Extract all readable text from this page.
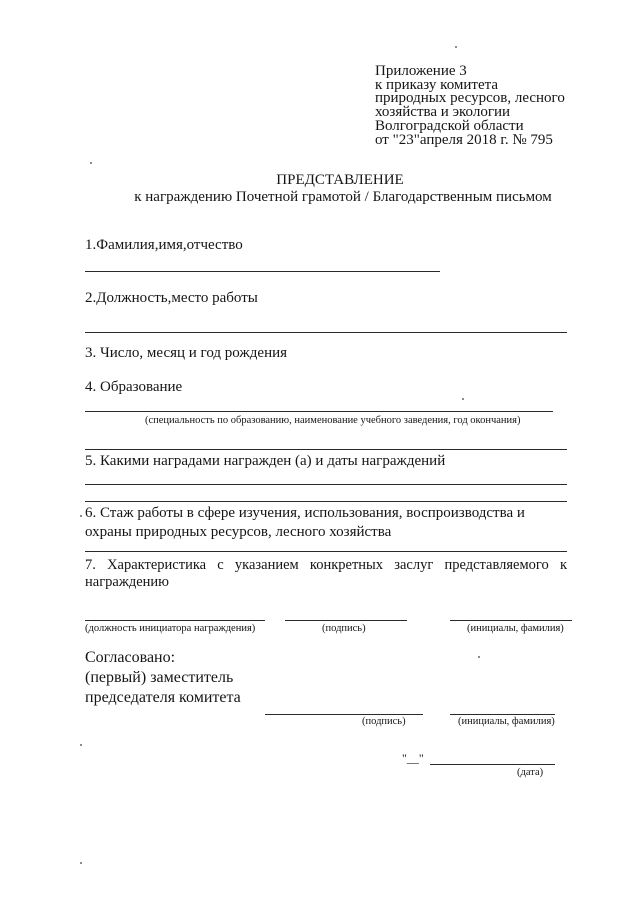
Приложение 3
к приказу комитета
природных ресурсов, лесного
хозяйства и экологии
Волгоградской области
от "23"апреля 2018 г. № 795
ПРЕДСТАВЛЕНИЕ
к награждению Почетной грамотой / Благодарственным письмом
1.Фамилия,имя,отчество
2.Должность,место работы
3. Число, месяц и год рождения
4. Образование
(специальность по образованию, наименование учебного заведения, год окончания)
5. Какими наградами награжден (а) и даты награждений
6. Стаж работы в сфере изучения, использования, воспроизводства и
охраны природных ресурсов, лесного хозяйства
7. Характеристика с указанием конкретных заслуг представляемого к
награждению
(должность инициатора награждения)	(подпись)	(инициалы, фамилия)
Согласовано:
(первый) заместитель
председателя комитета
(подпись)	(инициалы, фамилия)
"__"
(дата)
